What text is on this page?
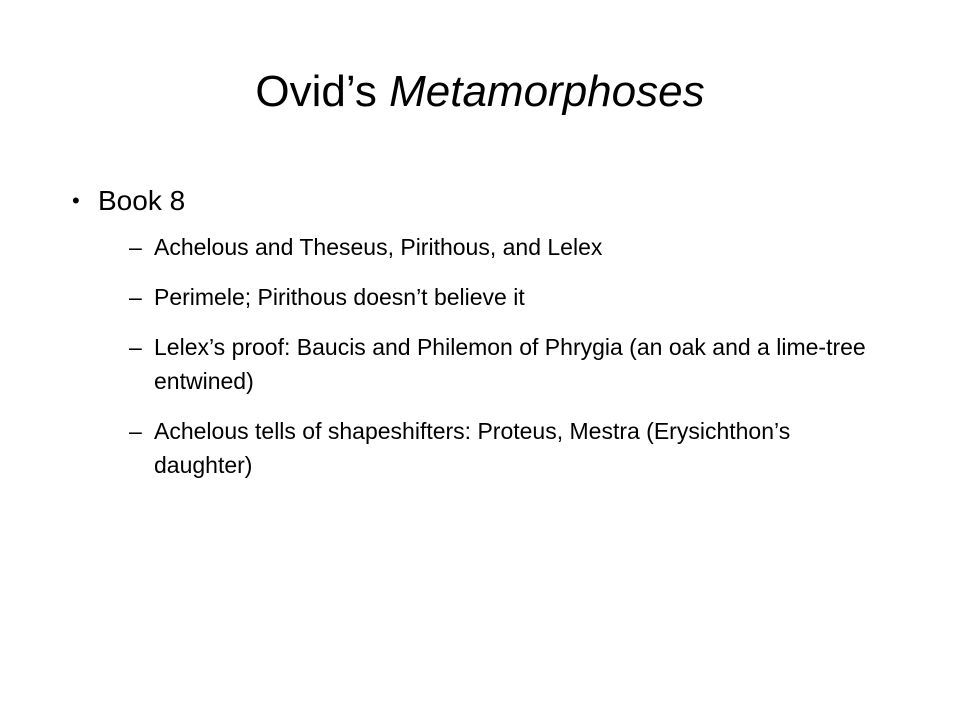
Ovid’s Metamorphoses
• Book 8
– Achelous and Theseus, Pirithous, and Lelex
– Perimele; Pirithous doesn’t believe it
– Lelex’s proof: Baucis and Philemon of Phrygia (an oak and a lime-tree entwined)
– Achelous tells of shapeshifters: Proteus, Mestra (Erysichthon’s daughter)
